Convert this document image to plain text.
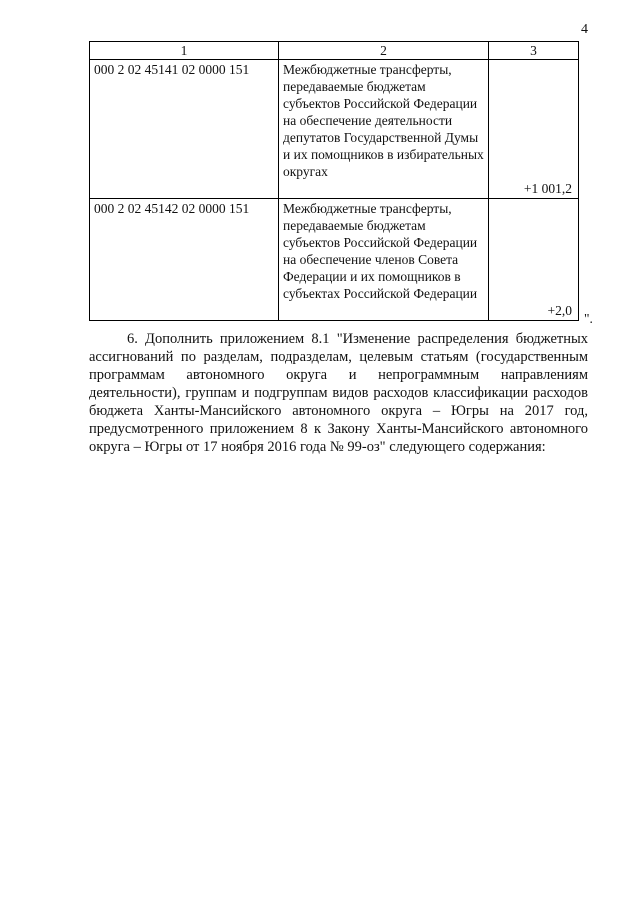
4
1	2	3
000 2 02 45141 02 0000 151	Межбюджетные трансферты, передаваемые бюджетам субъектов Российской Федерации на обеспечение деятельности депутатов Государственной Думы и их помощников в избирательных округах	+1 001,2
000 2 02 45142 02 0000 151	Межбюджетные трансферты, передаваемые бюджетам субъектов Российской Федерации на обеспечение членов Совета Федерации и их помощников в субъектах Российской Федерации	+2,0
".

6. Дополнить приложением 8.1 "Изменение распределения бюджетных ассигнований по разделам, подразделам, целевым статьям (государственным программам автономного округа и непрограммным направлениям деятельности), группам и подгруппам видов расходов классификации расходов бюджета Ханты-Мансийского автономного округа – Югры на 2017 год, предусмотренного приложением 8 к Закону Ханты-Мансийского автономного округа – Югры от 17 ноября 2016 года № 99-оз" следующего содержания:
